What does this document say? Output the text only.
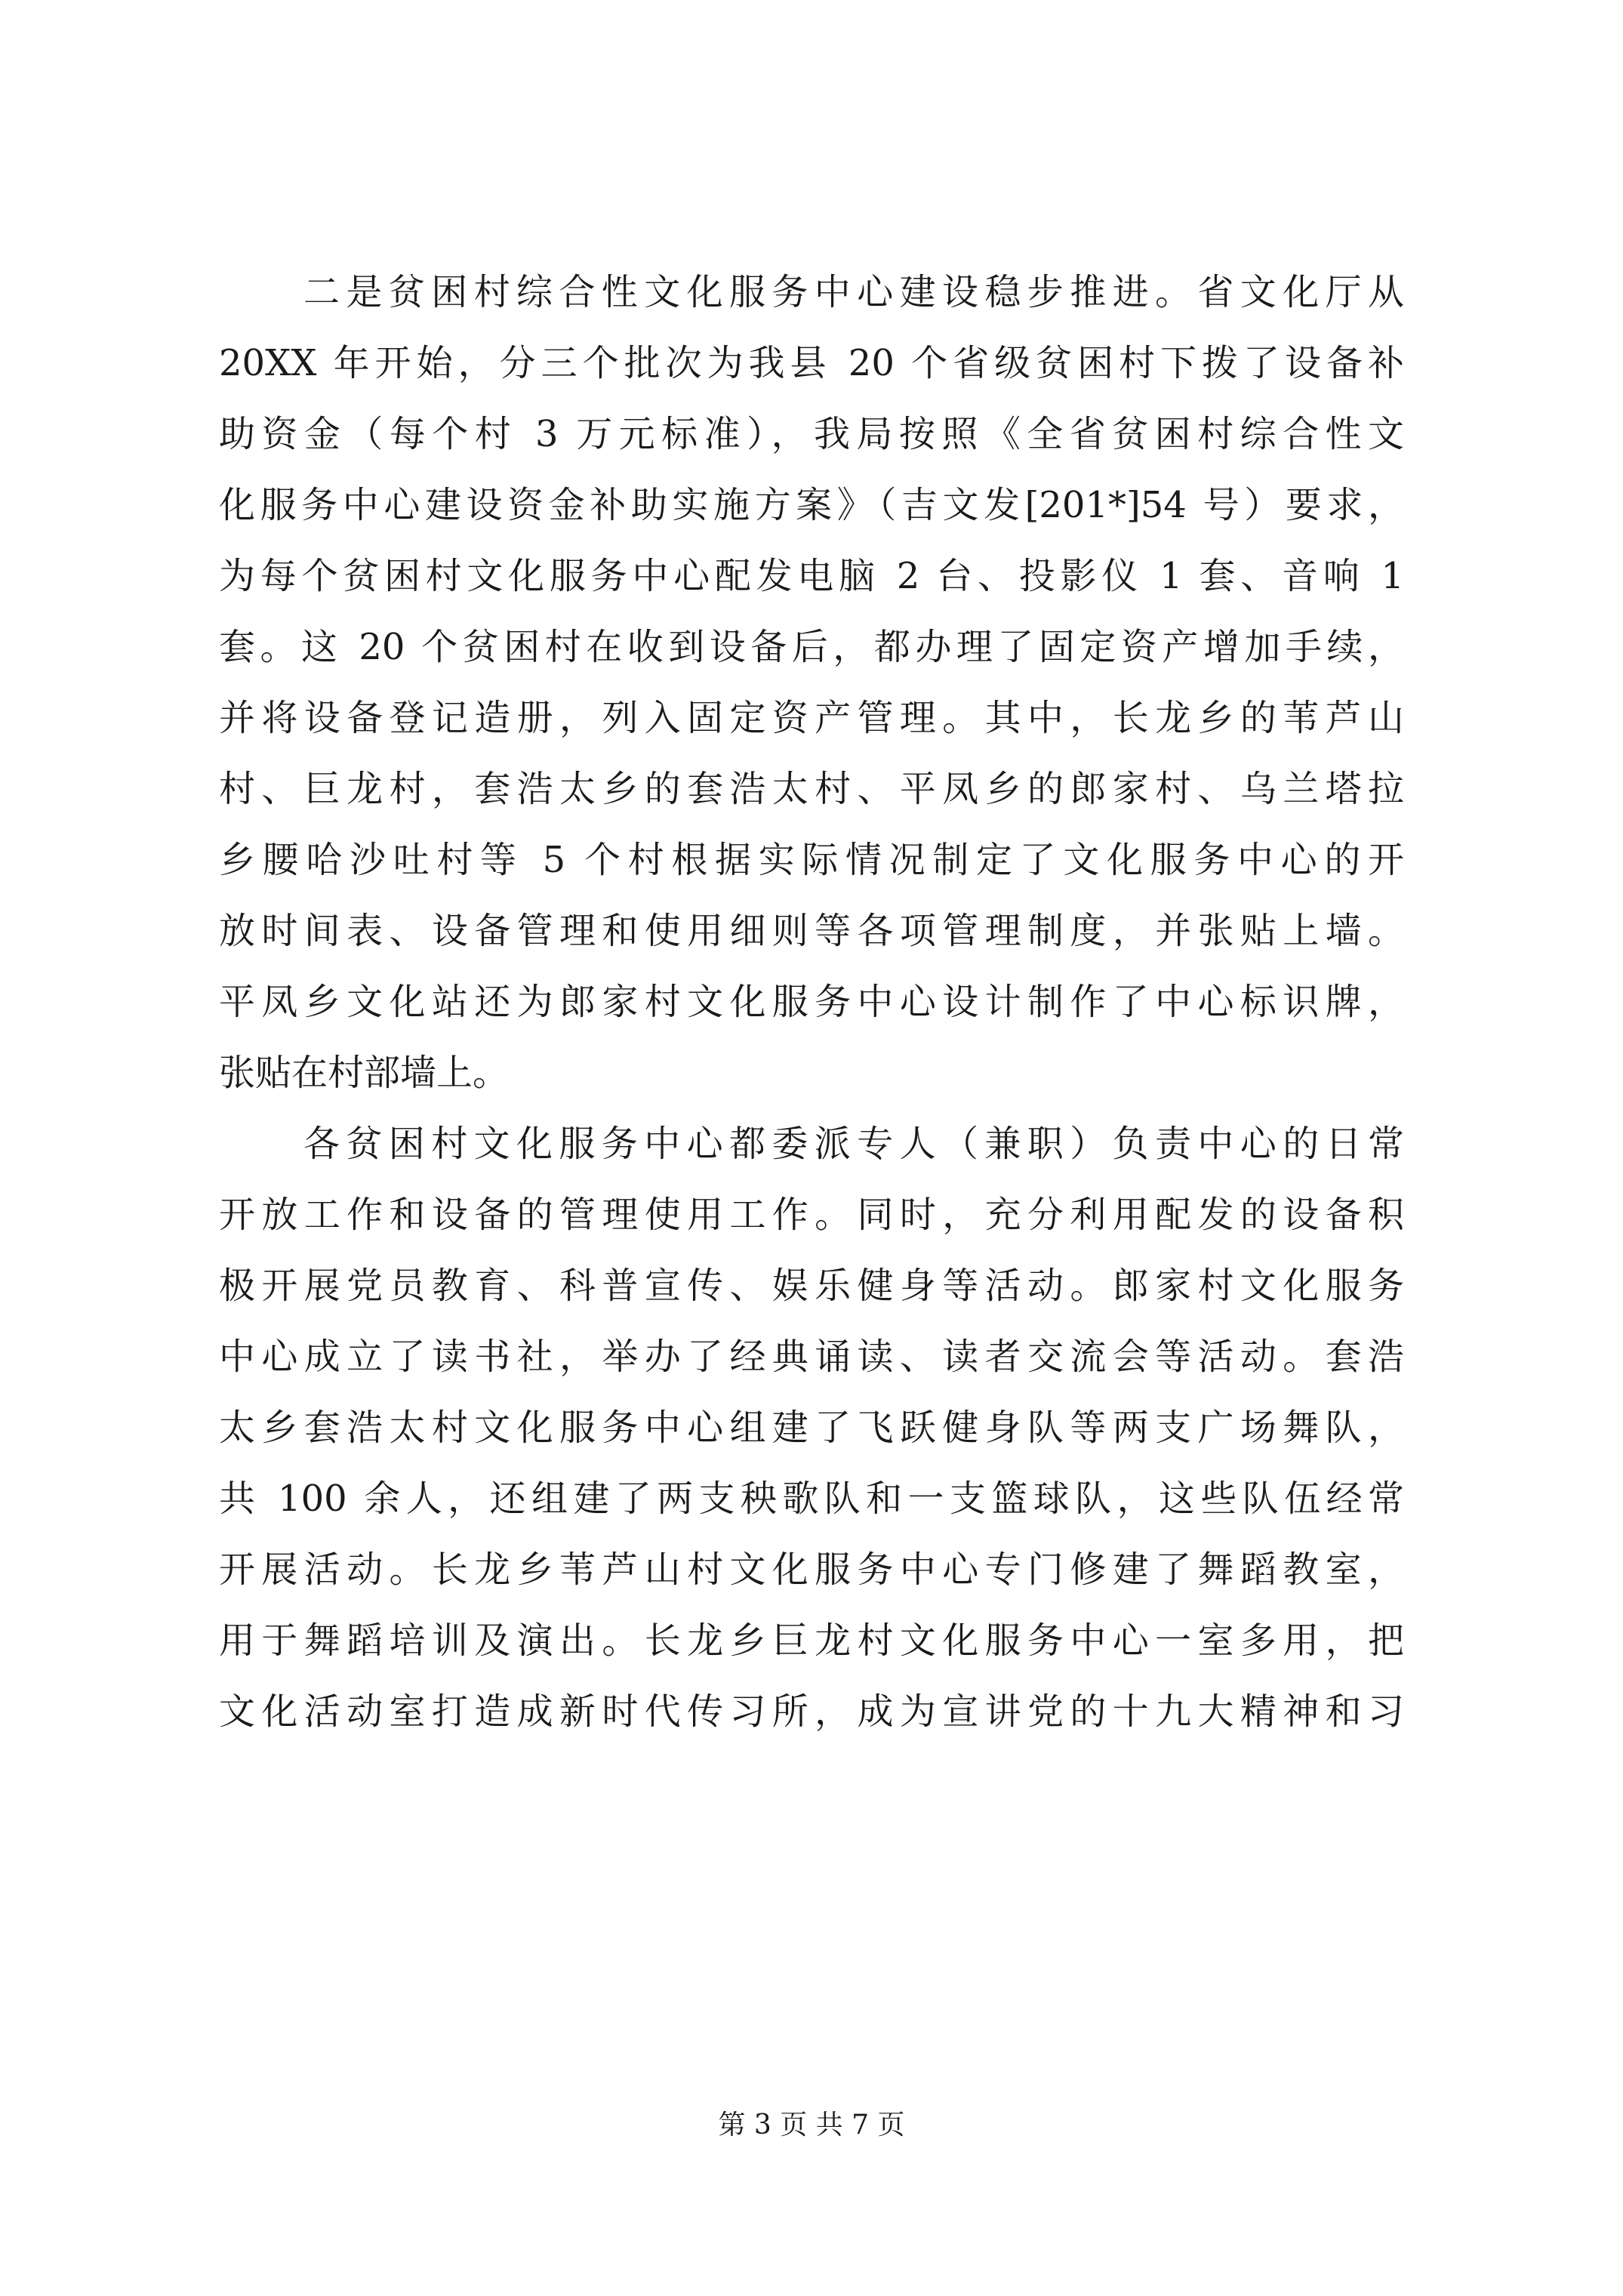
二是贫困村综合性文化服务中心建设稳步推进。省文化厅从
20XX 年开始，分三个批次为我县 20 个省级贫困村下拨了设备补
助资金（每个村 3 万元标准），我局按照《全省贫困村综合性文
化服务中心建设资金补助实施方案》（吉文发[201*]54 号）要求，
为每个贫困村文化服务中心配发电脑 2 台、投影仪 1 套、音响 1
套。这 20 个贫困村在收到设备后，都办理了固定资产增加手续，
并将设备登记造册，列入固定资产管理。其中，长龙乡的苇芦山
村、巨龙村，套浩太乡的套浩太村、平凤乡的郎家村、乌兰塔拉
乡腰哈沙吐村等 5 个村根据实际情况制定了文化服务中心的开
放时间表、设备管理和使用细则等各项管理制度，并张贴上墙。
平凤乡文化站还为郎家村文化服务中心设计制作了中心标识牌，
张贴在村部墙上。
各贫困村文化服务中心都委派专人（兼职）负责中心的日常
开放工作和设备的管理使用工作。同时，充分利用配发的设备积
极开展党员教育、科普宣传、娱乐健身等活动。郎家村文化服务
中心成立了读书社，举办了经典诵读、读者交流会等活动。套浩
太乡套浩太村文化服务中心组建了飞跃健身队等两支广场舞队，
共 100 余人，还组建了两支秧歌队和一支篮球队，这些队伍经常
开展活动。长龙乡苇芦山村文化服务中心专门修建了舞蹈教室，
用于舞蹈培训及演出。长龙乡巨龙村文化服务中心一室多用，把
文化活动室打造成新时代传习所，成为宣讲党的十九大精神和习
第 3 页 共 7 页
